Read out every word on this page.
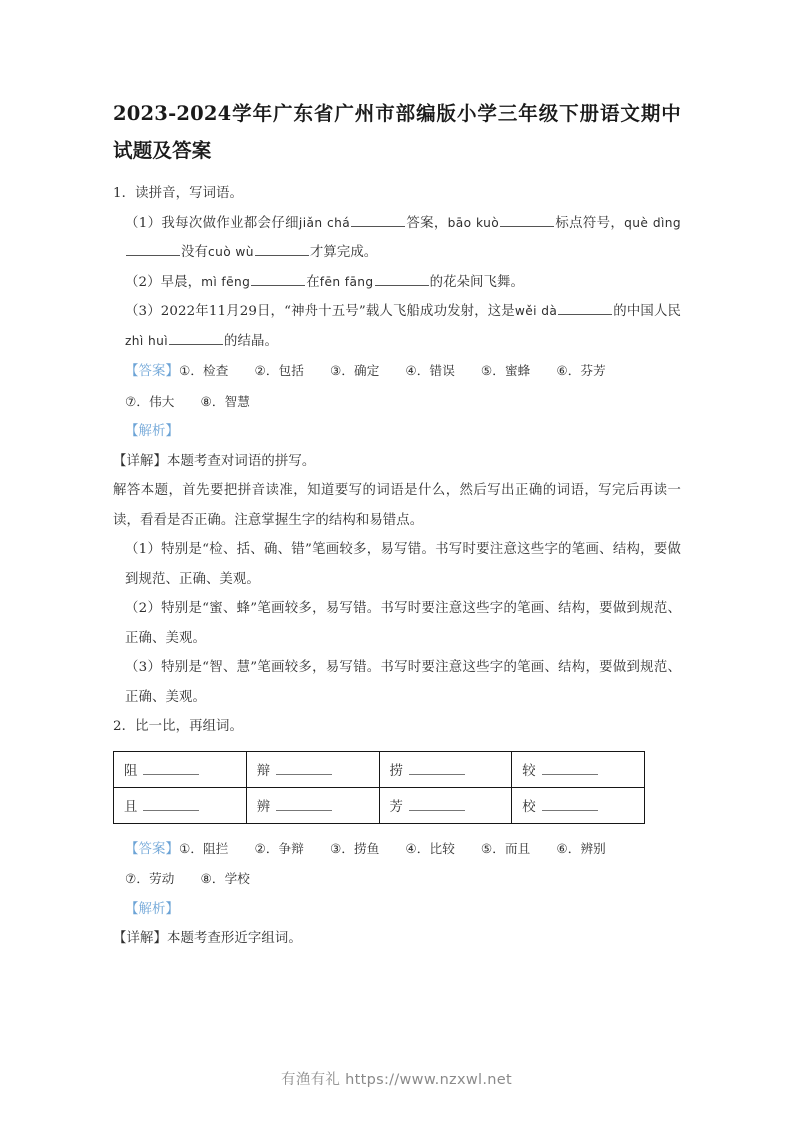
2023-2024学年广东省广州市部编版小学三年级下册语文期中试题及答案

1．读拼音，写词语。

（1）我每次做作业都会仔细jiǎn chá	答案，bāo kuò	标点符号，què dìng没有cuò wù	才算完成。

（2）早晨，mì fēng	在fēn fāng	的花朵间飞舞。

（3）2022年11月29日，“神舟十五号”载人飞船成功发射，这是wěi dà	的中国人民zhì huì	的结晶。

【答案】①．检查 ②．包括 ③．确定 ④．错误 ⑤．蜜蜂 ⑥．芬芳

⑦．伟大 ⑧．智慧

【解析】

【详解】本题考查对词语的拼写。

解答本题，首先要把拼音读准，知道要写的词语是什么，然后写出正确的词语，写完后再读一读，看看是否正确。注意掌握生字的结构和易错点。

（1）特别是“检、括、确、错”笔画较多，易写错。书写时要注意这些字的笔画、结构，要做到规范、正确、美观。

（2）特别是“蜜、蜂”笔画较多，易写错。书写时要注意这些字的笔画、结构，要做到规范、正确、美观。

（3）特别是“智、慧”笔画较多，易写错。书写时要注意这些字的笔画、结构，要做到规范、正确、美观。

2．比一比，再组词。

阻	辩	捞	较

且	辨	芳	校

【答案】①．阻拦 ②．争辩 ③．捞鱼 ④．比较 ⑤．而且 ⑥．辨别

⑦．劳动 ⑧．学校

【解析】

【详解】本题考查形近字组词。

有渔有礼 https://www.nzxwl.net
